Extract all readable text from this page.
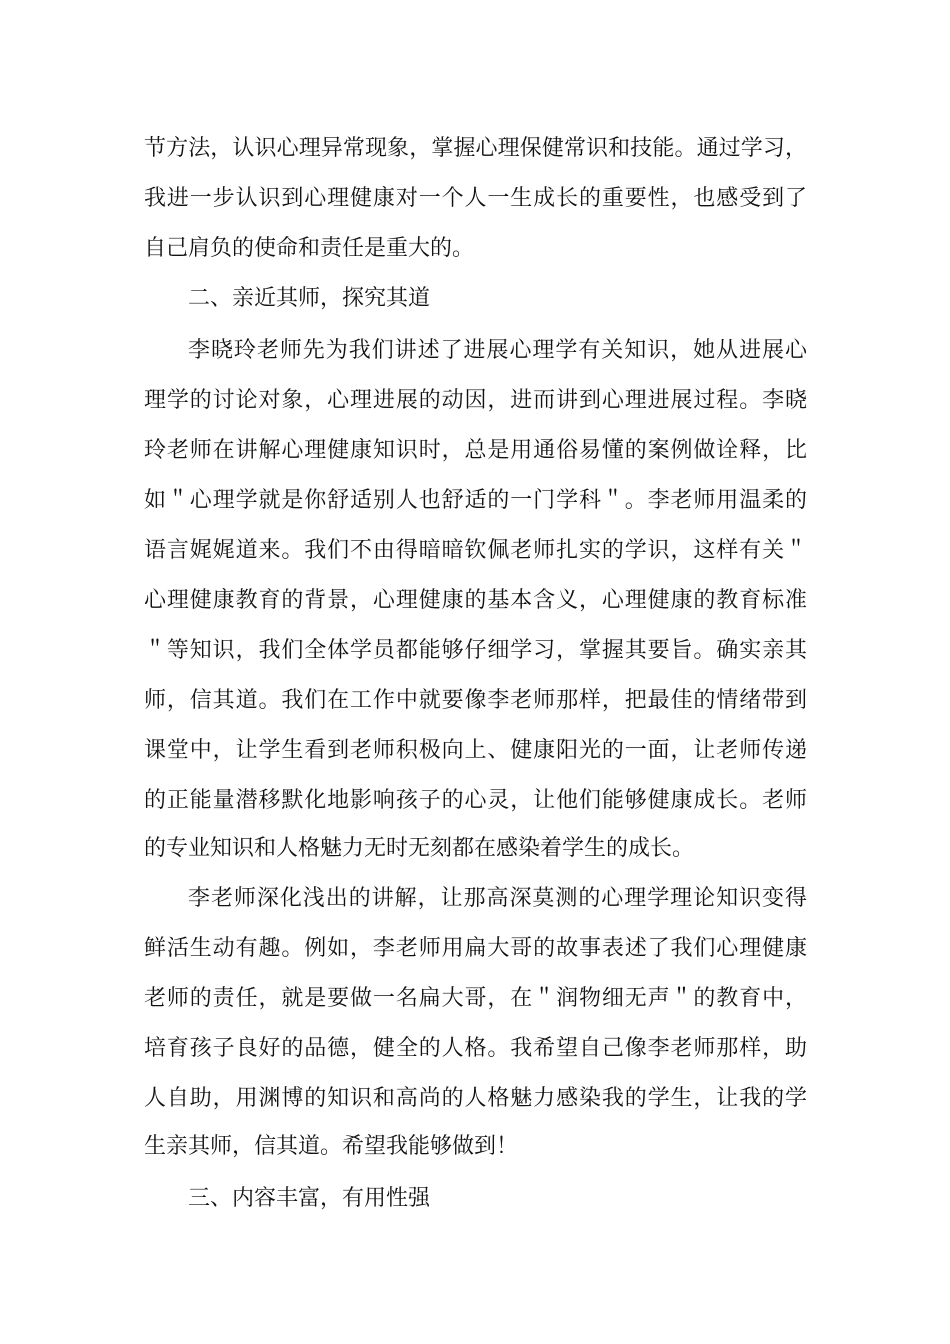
节方法，认识心理异常现象，掌握心理保健常识和技能。通过学习，

我进一步认识到心理健康对一个人一生成长的重要性，也感受到了

自己肩负的使命和责任是重大的。

二、亲近其师，探究其道

李晓玲老师先为我们讲述了进展心理学有关知识，她从进展心

理学的讨论对象，心理进展的动因，进而讲到心理进展过程。李晓

玲老师在讲解心理健康知识时，总是用通俗易懂的案例做诠释，比

如＂心理学就是你舒适别人也舒适的一门学科＂。李老师用温柔的

语言娓娓道来。我们不由得暗暗钦佩老师扎实的学识，这样有关＂

心理健康教育的背景，心理健康的基本含义，心理健康的教育标准

＂等知识，我们全体学员都能够仔细学习，掌握其要旨。确实亲其

师，信其道。我们在工作中就要像李老师那样，把最佳的情绪带到

课堂中，让学生看到老师积极向上、健康阳光的一面，让老师传递

的正能量潜移默化地影响孩子的心灵，让他们能够健康成长。老师

的专业知识和人格魅力无时无刻都在感染着学生的成长。

李老师深化浅出的讲解，让那高深莫测的心理学理论知识变得

鲜活生动有趣。例如，李老师用扁大哥的故事表述了我们心理健康

老师的责任，就是要做一名扁大哥，在＂润物细无声＂的教育中，

培育孩子良好的品德，健全的人格。我希望自己像李老师那样，助

人自助，用渊博的知识和高尚的人格魅力感染我的学生，让我的学

生亲其师，信其道。希望我能够做到！

三、内容丰富，有用性强
